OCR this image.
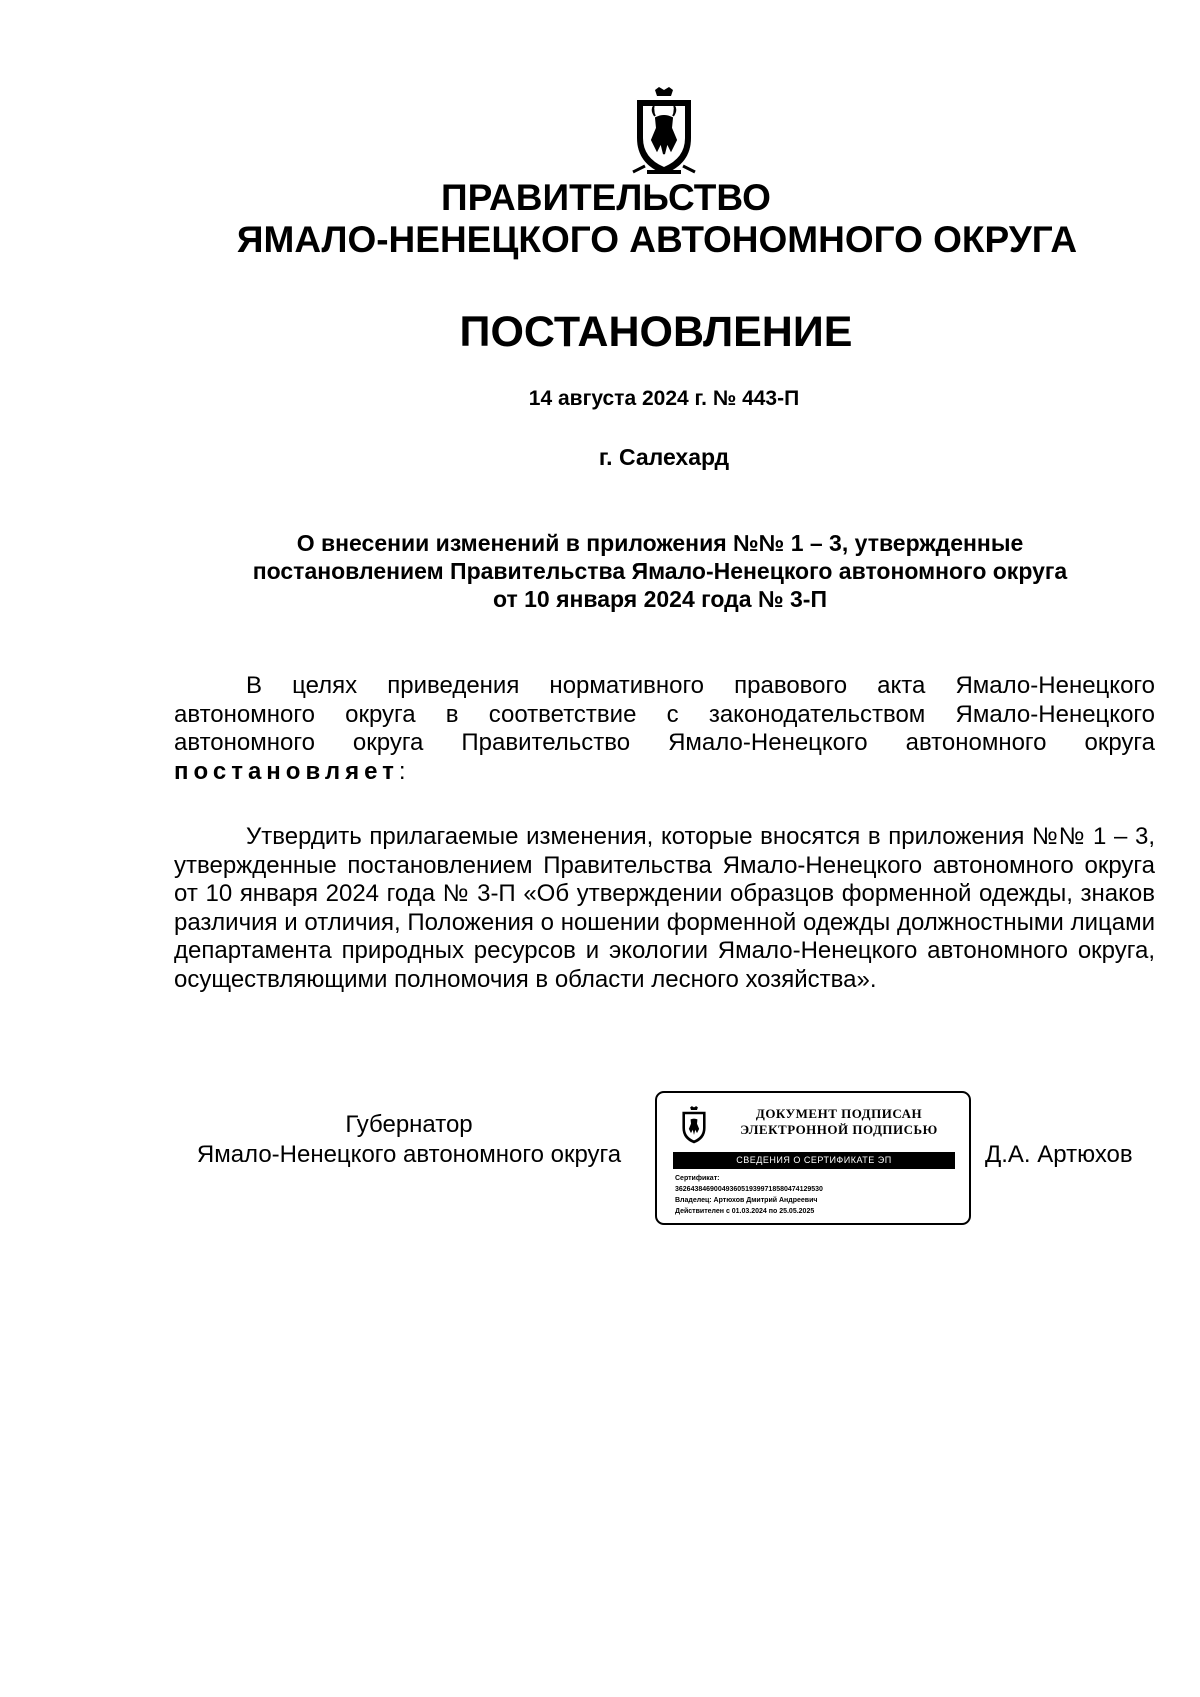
ПРАВИТЕЛЬСТВО
ЯМАЛО-НЕНЕЦКОГО АВТОНОМНОГО ОКРУГА
ПОСТАНОВЛЕНИЕ
14 августа 2024 г. № 443-П
г. Салехард
О внесении изменений в приложения №№ 1 – 3, утвержденные
постановлением Правительства Ямало-Ненецкого автономного округа
от 10 января 2024 года № 3-П

В целях приведения нормативного правового акта Ямало-Ненецкого автономного округа в соответствие с законодательством Ямало-Ненецкого автономного округа Правительство Ямало-Ненецкого автономного округа постановляет:

Утвердить прилагаемые изменения, которые вносятся в приложения №№ 1 – 3, утвержденные постановлением Правительства Ямало-Ненецкого автономного округа от 10 января 2024 года № 3-П «Об утверждении образцов форменной одежды, знаков различия и отличия, Положения о ношении форменной одежды должностными лицами департамента природных ресурсов и экологии Ямало-Ненецкого автономного округа, осуществляющими полномочия в области лесного хозяйства».

Губернатор
Ямало-Ненецкого автономного округа
ДОКУМЕНТ ПОДПИСАН
ЭЛЕКТРОННОЙ ПОДПИСЬЮ
СВЕДЕНИЯ О СЕРТИФИКАТЕ ЭП
Сертификат:
36264384690049360519399718580474129530
Владелец: Артюхов Дмитрий Андреевич
Действителен с 01.03.2024 по 25.05.2025
Д.А. Артюхов
